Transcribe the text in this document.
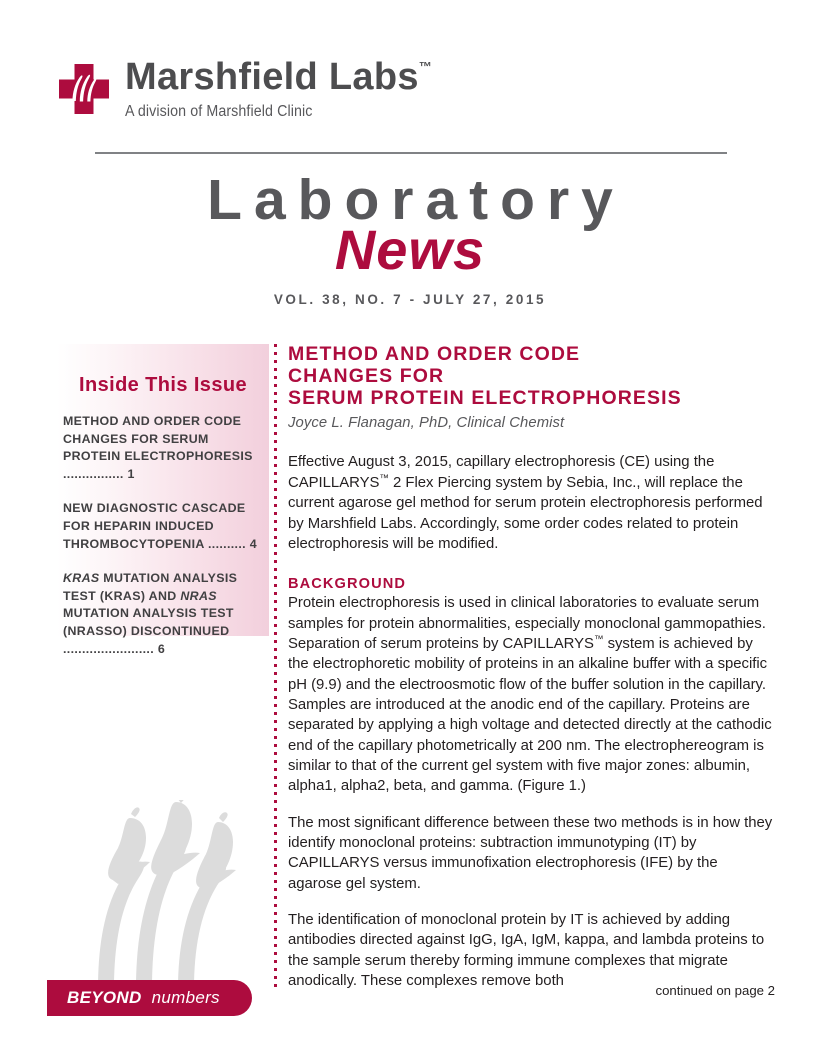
Marshfield Labs™
A division of Marshfield Clinic
Laboratory
News
VOL. 38, NO. 7 - JULY 27, 2015
Inside This Issue
METHOD AND ORDER CODE CHANGES FOR SERUM PROTEIN ELECTROPHORESIS ................ 1
NEW DIAGNOSTIC CASCADE FOR HEPARIN INDUCED THROMBOCYTOPENIA .......... 4
KRAS MUTATION ANALYSIS TEST (KRAS) AND NRAS MUTATION ANALYSIS TEST (NRASSO) DISCONTINUED ........................ 6
BEYOND numbers
METHOD AND ORDER CODE
CHANGES FOR
SERUM PROTEIN ELECTROPHORESIS
Joyce L. Flanagan, PhD, Clinical Chemist

Effective August 3, 2015, capillary electrophoresis (CE) using the CAPILLARYS™ 2 Flex Piercing system by Sebia, Inc., will replace the current agarose gel method for serum protein electrophoresis performed by Marshfield Labs. Accordingly, some order codes related to protein electrophoresis will be modified.

BACKGROUND

Protein electrophoresis is used in clinical laboratories to evaluate serum samples for protein abnormalities, especially monoclonal gammopathies. Separation of serum proteins by CAPILLARYS™ system is achieved by the electrophoretic mobility of proteins in an alkaline buffer with a specific pH (9.9) and the electroosmotic flow of the buffer solution in the capillary. Samples are introduced at the anodic end of the capillary. Proteins are separated by applying a high voltage and detected directly at the cathodic end of the capillary photometrically at 200 nm. The electrophereogram is similar to that of the current gel system with five major zones: albumin, alpha1, alpha2, beta, and gamma. (Figure 1.)

The most significant difference between these two methods is in how they identify monoclonal proteins: subtraction immunotyping (IT) by CAPILLARYS versus immunofixation electrophoresis (IFE) by the agarose gel system.

The identification of monoclonal protein by IT is achieved by adding antibodies directed against IgG, IgA, IgM, kappa, and lambda proteins to the sample serum thereby forming immune complexes that migrate anodically. These complexes remove both

continued on page 2
